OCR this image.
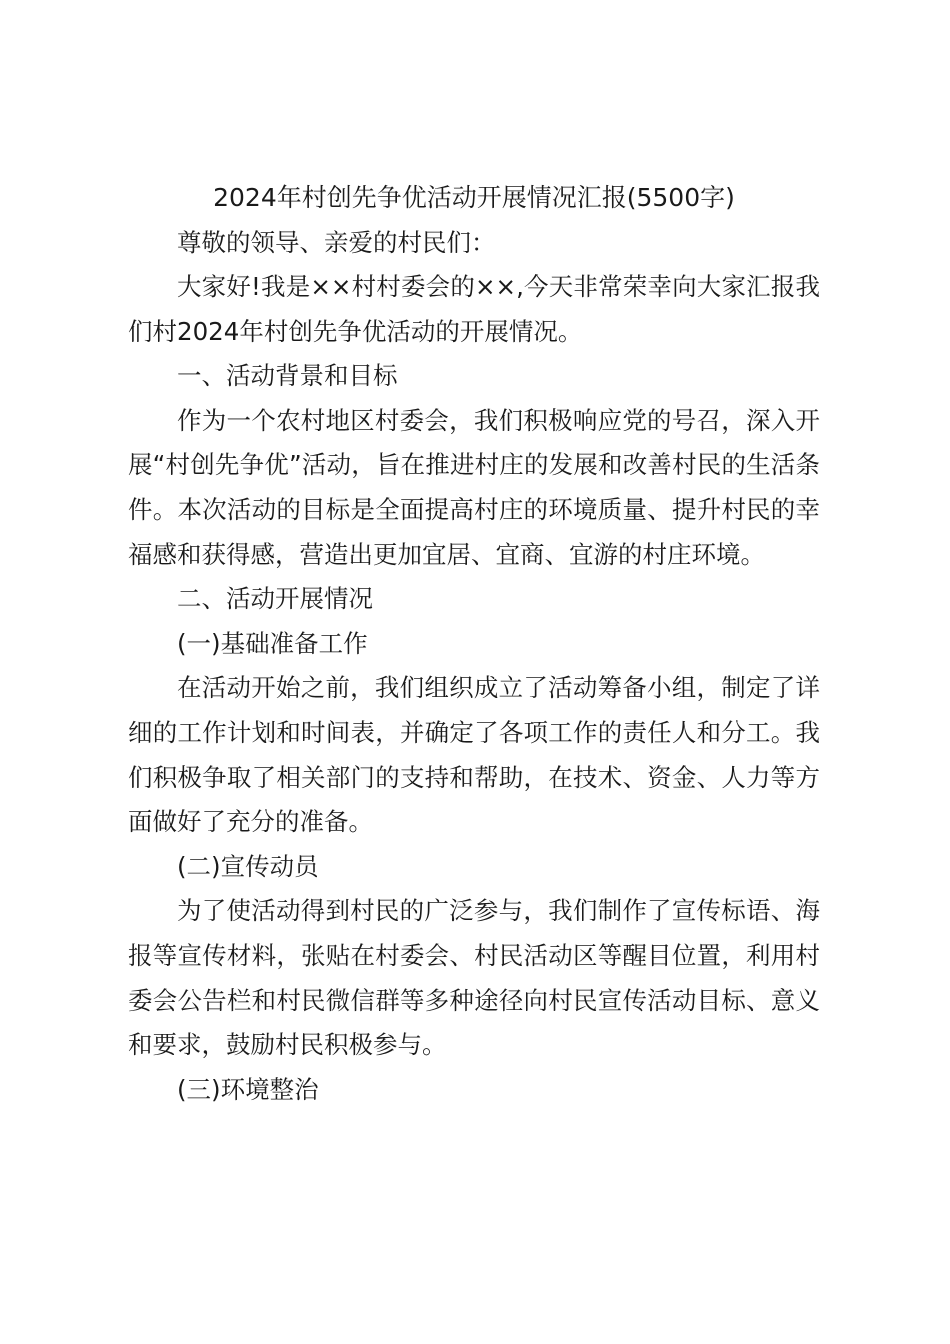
2024年村创先争优活动开展情况汇报(5500字)

尊敬的领导、亲爱的村民们：

大家好!我是××村村委会的××,今天非常荣幸向大家汇报我们村2024年村创先争优活动的开展情况。

一、活动背景和目标

作为一个农村地区村委会，我们积极响应党的号召，深入开展“村创先争优”活动，旨在推进村庄的发展和改善村民的生活条件。本次活动的目标是全面提高村庄的环境质量、提升村民的幸福感和获得感，营造出更加宜居、宜商、宜游的村庄环境。

二、活动开展情况

(一)基础准备工作

在活动开始之前，我们组织成立了活动筹备小组，制定了详细的工作计划和时间表，并确定了各项工作的责任人和分工。我们积极争取了相关部门的支持和帮助，在技术、资金、人力等方面做好了充分的准备。

(二)宣传动员

为了使活动得到村民的广泛参与，我们制作了宣传标语、海报等宣传材料，张贴在村委会、村民活动区等醒目位置，利用村委会公告栏和村民微信群等多种途径向村民宣传活动目标、意义和要求，鼓励村民积极参与。

(三)环境整治
